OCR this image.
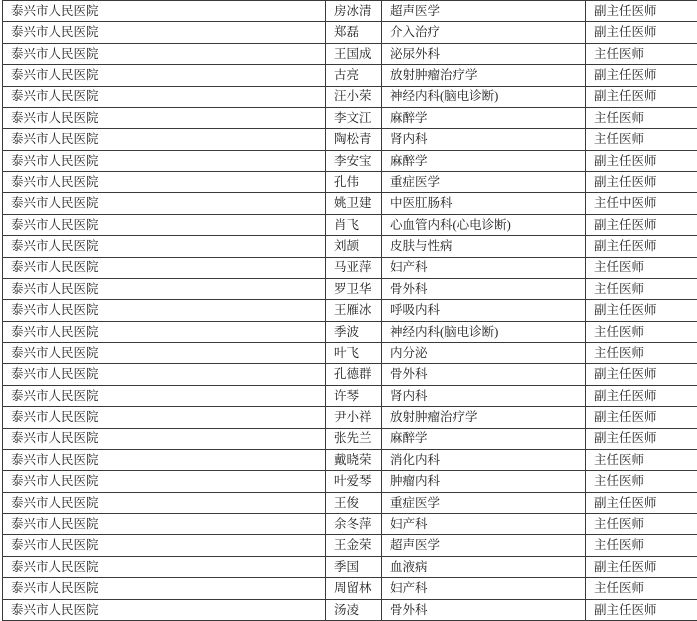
泰兴市人民医院	房冰清	超声医学	副主任医师
泰兴市人民医院	郑磊	介入治疗	副主任医师
泰兴市人民医院	王国成	泌尿外科	主任医师
泰兴市人民医院	古亮	放射肿瘤治疗学	副主任医师
泰兴市人民医院	汪小荣	神经内科(脑电诊断)	副主任医师
泰兴市人民医院	李文江	麻醉学	主任医师
泰兴市人民医院	陶松青	肾内科	主任医师
泰兴市人民医院	李安宝	麻醉学	副主任医师
泰兴市人民医院	孔伟	重症医学	副主任医师
泰兴市人民医院	姚卫建	中医肛肠科	主任中医师
泰兴市人民医院	肖飞	心血管内科(心电诊断)	副主任医师
泰兴市人民医院	刘颉	皮肤与性病	副主任医师
泰兴市人民医院	马亚萍	妇产科	主任医师
泰兴市人民医院	罗卫华	骨外科	主任医师
泰兴市人民医院	王雁冰	呼吸内科	副主任医师
泰兴市人民医院	季波	神经内科(脑电诊断)	主任医师
泰兴市人民医院	叶飞	内分泌	主任医师
泰兴市人民医院	孔德群	骨外科	副主任医师
泰兴市人民医院	许琴	肾内科	副主任医师
泰兴市人民医院	尹小祥	放射肿瘤治疗学	副主任医师
泰兴市人民医院	张先兰	麻醉学	副主任医师
泰兴市人民医院	戴晓荣	消化内科	主任医师
泰兴市人民医院	叶爱琴	肿瘤内科	主任医师
泰兴市人民医院	王俊	重症医学	副主任医师
泰兴市人民医院	余冬萍	妇产科	主任医师
泰兴市人民医院	王金荣	超声医学	主任医师
泰兴市人民医院	季国	血液病	副主任医师
泰兴市人民医院	周留林	妇产科	主任医师
泰兴市人民医院	汤凌	骨外科	副主任医师
